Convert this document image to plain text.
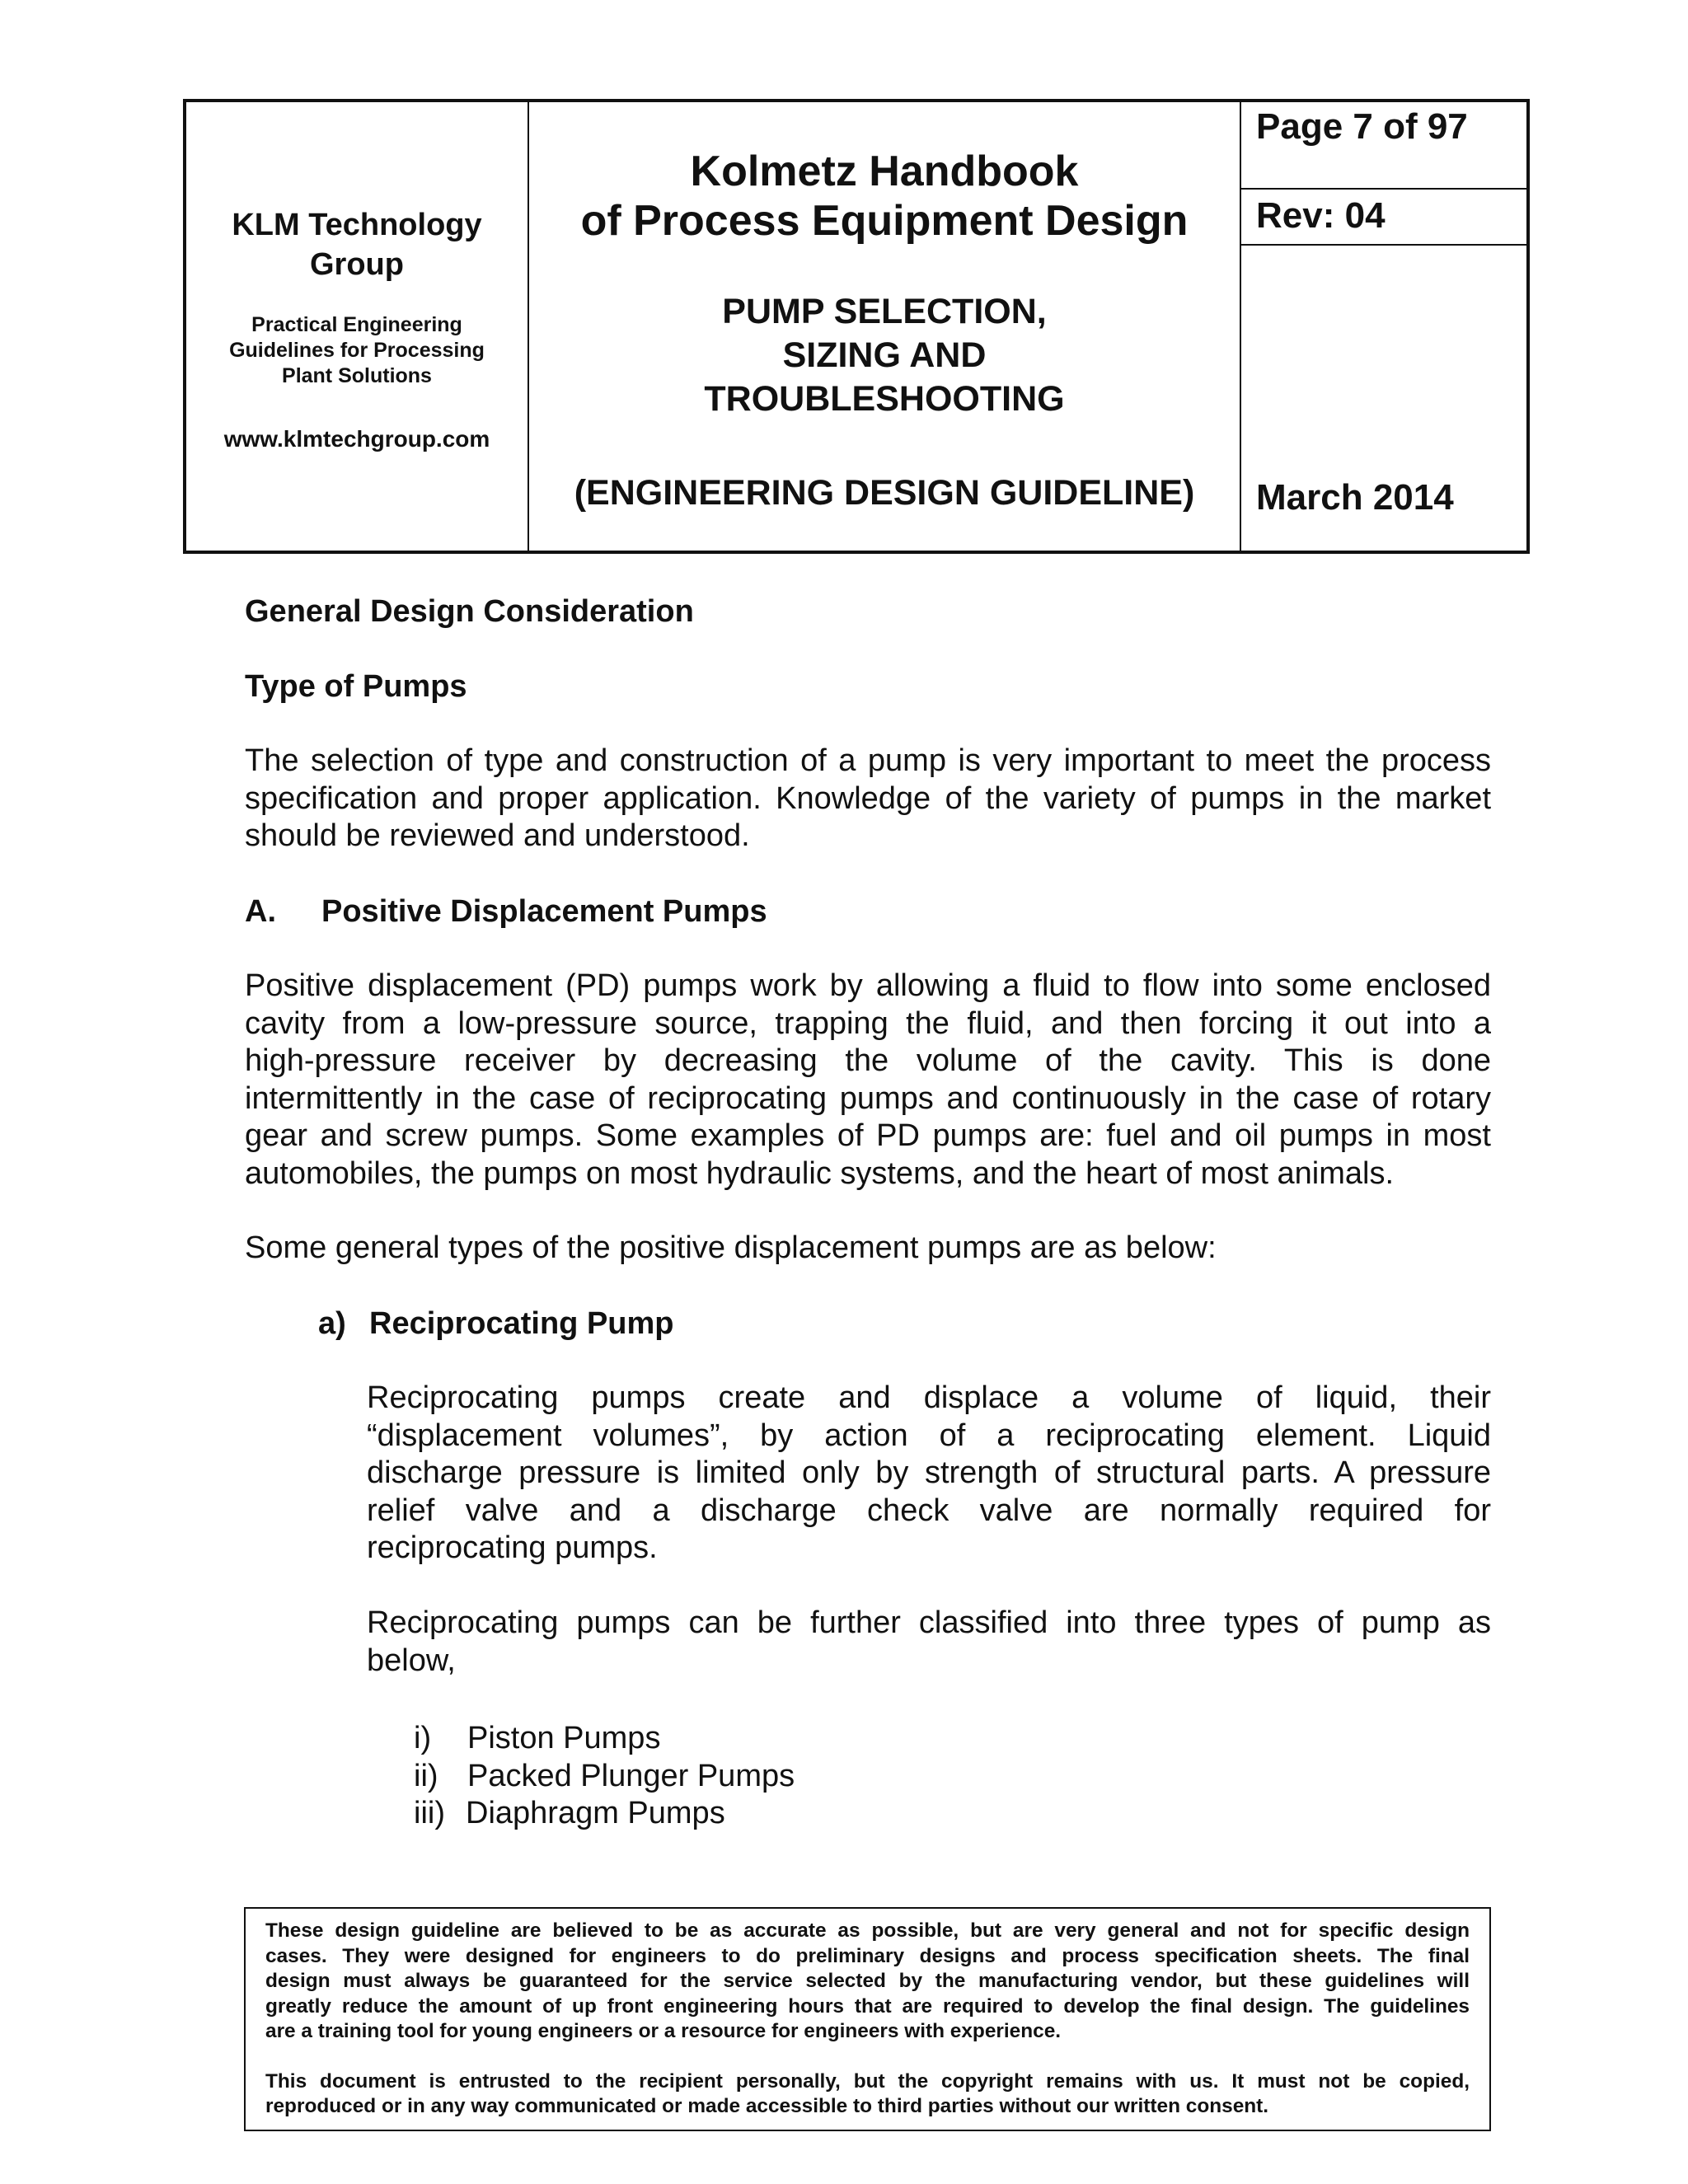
KLM Technology
Group
Practical Engineering
Guidelines for Processing
Plant Solutions
www.klmtechgroup.com
Kolmetz Handbook
of Process Equipment Design
PUMP SELECTION,
SIZING AND
TROUBLESHOOTING
(ENGINEERING DESIGN GUIDELINE)
Page 7 of 97
Rev: 04
March 2014
General Design Consideration
Type of Pumps
The selection of type and construction of a pump is very important to meet the process
specification and proper application. Knowledge of the variety of pumps in the market
should be reviewed and understood.
A. Positive Displacement Pumps
Positive displacement (PD) pumps work by allowing a fluid to flow into some enclosed
cavity from a low-pressure source, trapping the fluid, and then forcing it out into a
high-pressure receiver by decreasing the volume of the cavity. This is done
intermittently in the case of reciprocating pumps and continuously in the case of rotary
gear and screw pumps. Some examples of PD pumps are: fuel and oil pumps in most
automobiles, the pumps on most hydraulic systems, and the heart of most animals.
Some general types of the positive displacement pumps are as below:
a) Reciprocating Pump
Reciprocating pumps create and displace a volume of liquid, their
“displacement volumes”, by action of a reciprocating element. Liquid
discharge pressure is limited only by strength of structural parts. A pressure
relief valve and a discharge check valve are normally required for
reciprocating pumps.
Reciprocating pumps can be further classified into three types of pump as
below,
i) Piston Pumps
ii) Packed Plunger Pumps
iii) Diaphragm Pumps

These design guideline are believed to be as accurate as possible, but are very general and not for specific design
cases. They were designed for engineers to do preliminary designs and process specification sheets. The final
design must always be guaranteed for the service selected by the manufacturing vendor, but these guidelines will
greatly reduce the amount of up front engineering hours that are required to develop the final design. The guidelines
are a training tool for young engineers or a resource for engineers with experience.

This document is entrusted to the recipient personally, but the copyright remains with us. It must not be copied,
reproduced or in any way communicated or made accessible to third parties without our written consent.
